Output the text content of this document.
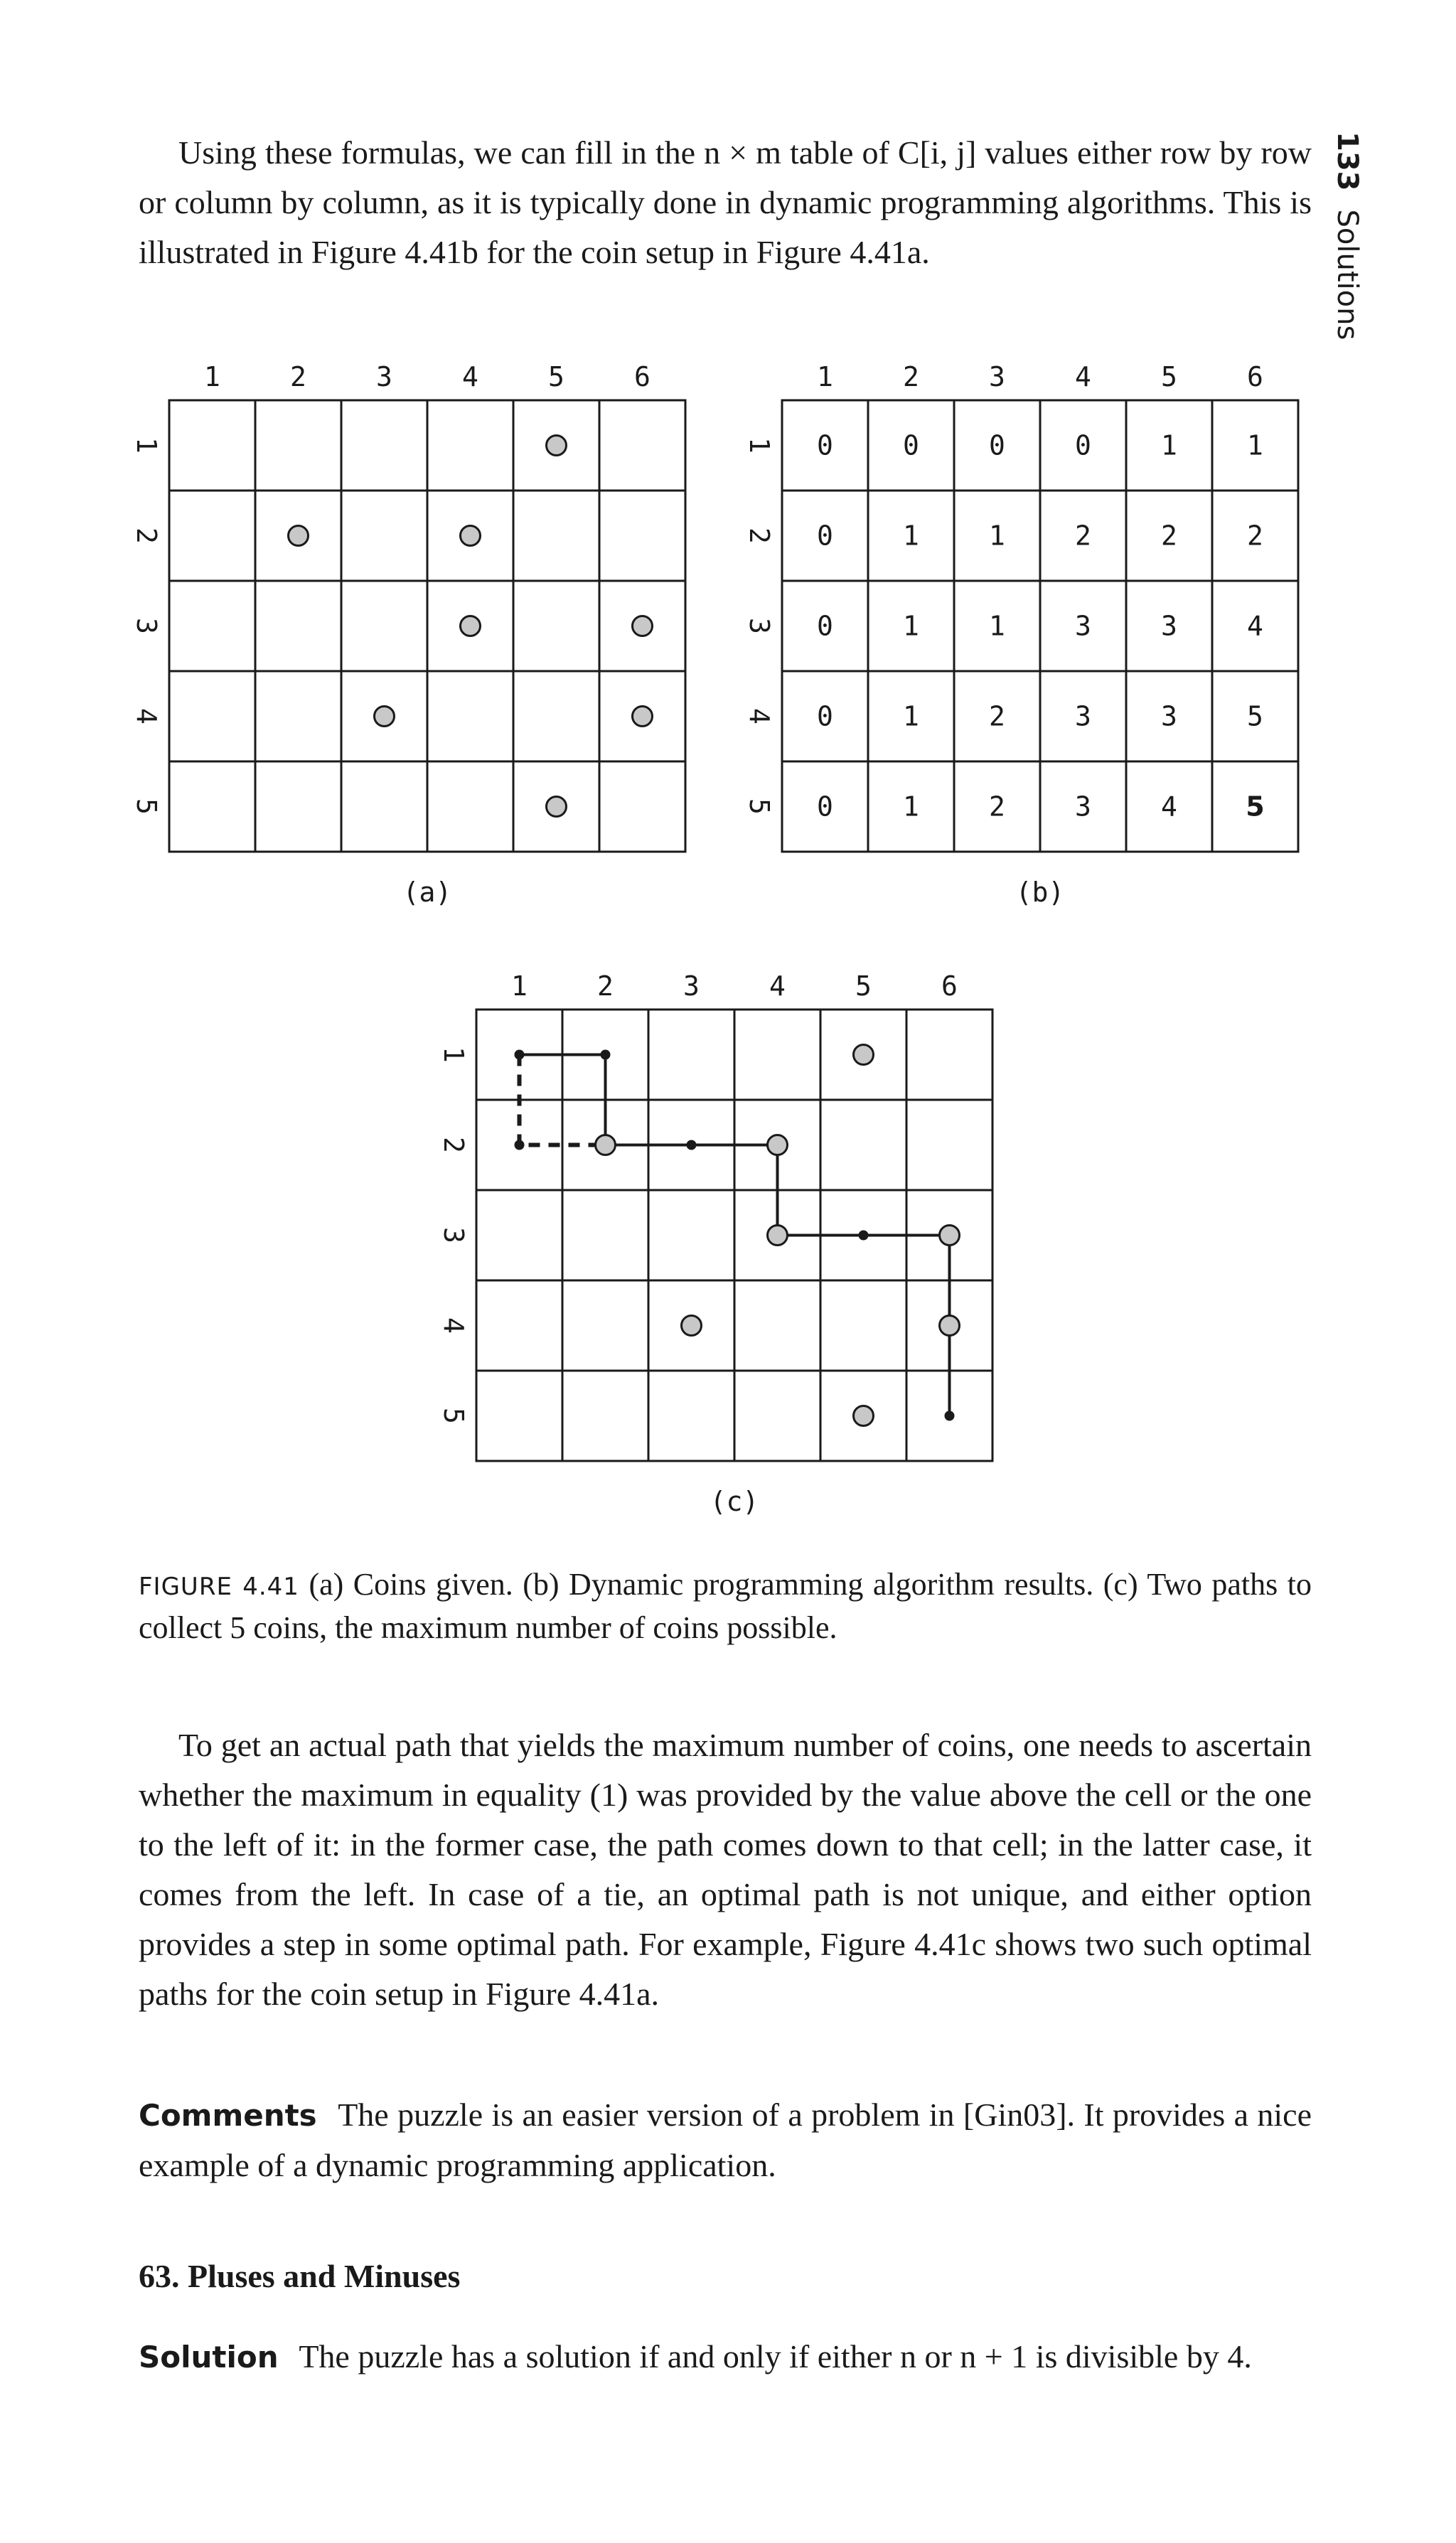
133
Solutions

Using these formulas, we can fill in the n × m table of C[i, j] values either row by row or column by column, as it is typically done in dynamic programming algorithms. This is illustrated in Figure 4.41b for the coin setup in Figure 4.41a.

1	2	3	4	5	6
1
2
3
4
5
(a)
1	2	3	4	5	6
1
2
3
4
5
0	0	0	0	1	1
0	1	1	2	2	2
0	1	1	3	3	4
0	1	2	3	3	5
0	1	2	3	4	5
(b)
1	2	3	4	5	6
1
2
3
4
5
(c)

FIGURE 4.41 (a) Coins given. (b) Dynamic programming algorithm results. (c) Two paths to collect 5 coins, the maximum number of coins possible.

To get an actual path that yields the maximum number of coins, one needs to ascertain whether the maximum in equality (1) was provided by the value above the cell or the one to the left of it: in the former case, the path comes down to that cell; in the latter case, it comes from the left. In case of a tie, an optimal path is not unique, and either option provides a step in some optimal path. For example, Figure 4.41c shows two such optimal paths for the coin setup in Figure 4.41a.

Comments The puzzle is an easier version of a problem in [Gin03]. It provides a nice example of a dynamic programming application.

63. Pluses and Minuses

Solution The puzzle has a solution if and only if either n or n + 1 is divisible by 4.
